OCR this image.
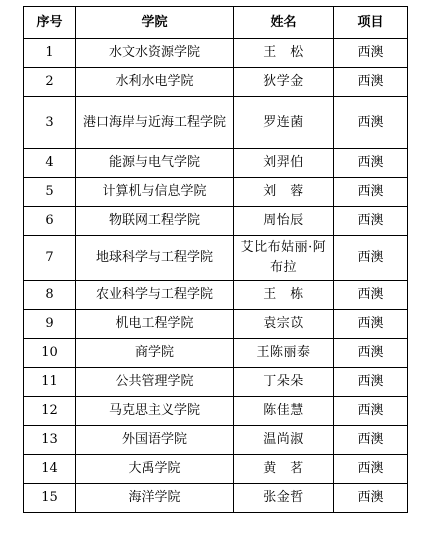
序号	学院	姓名	项目
1	水文水资源学院	王　松	西澳
2	水利水电学院	狄学金	西澳
3	港口海岸与近海工程学院	罗连菌	西澳
4	能源与电气学院	刘羿伯	西澳
5	计算机与信息学院	刘　蓉	西澳
6	物联网工程学院	周怡辰	西澳
7	地球科学与工程学院	艾比布姑丽·阿布拉	西澳
8	农业科学与工程学院	王　栋	西澳
9	机电工程学院	袁宗苡	西澳
10	商学院	王陈丽泰	西澳
11	公共管理学院	丁朵朵	西澳
12	马克思主义学院	陈佳慧	西澳
13	外国语学院	温尚淑	西澳
14	大禹学院	黄　茗	西澳
15	海洋学院	张金哲	西澳
